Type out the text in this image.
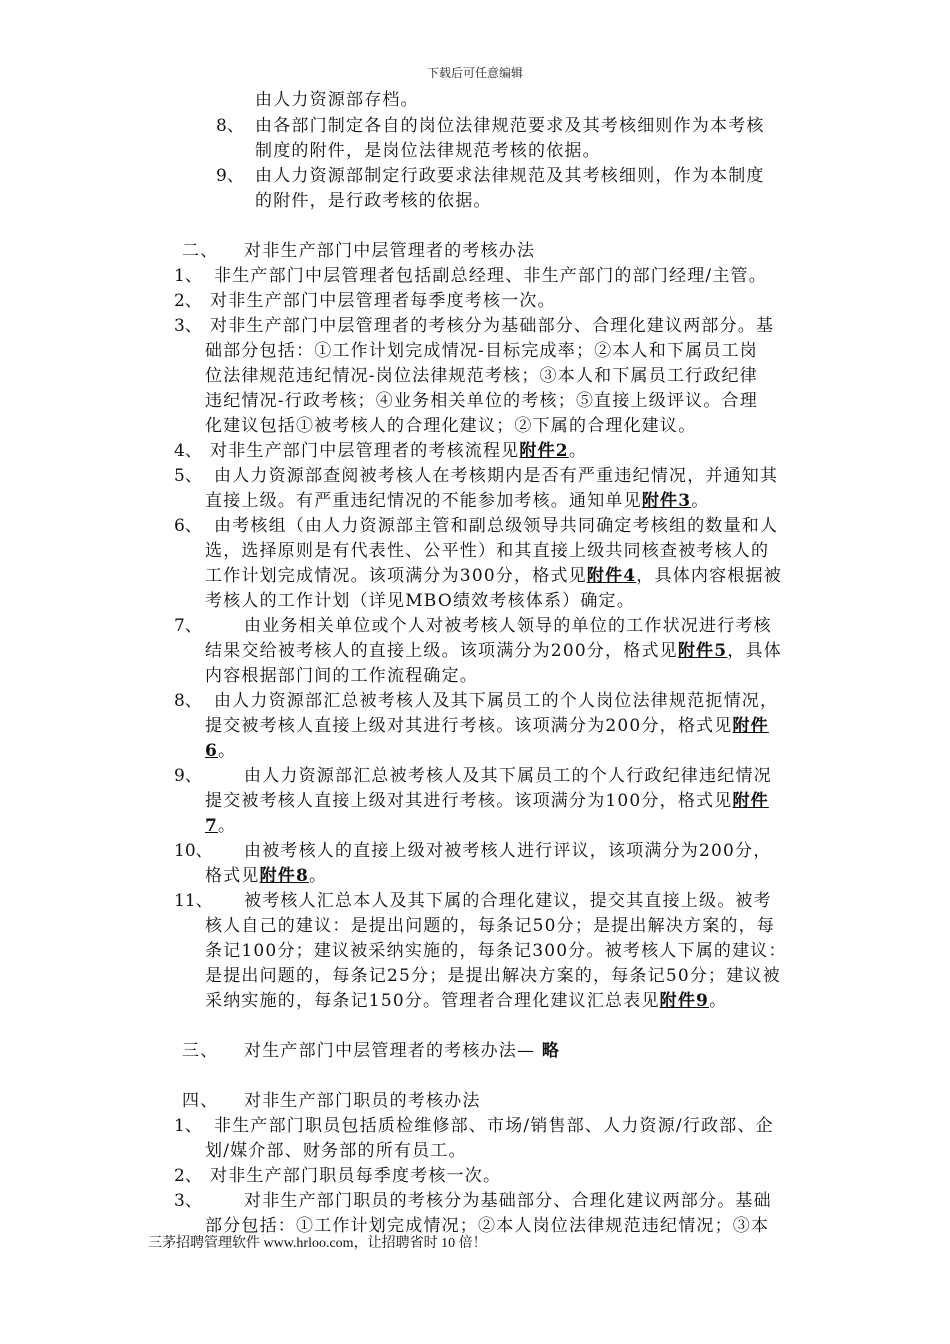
下载后可任意编辑
由人力资源部存档。
8、 由各部门制定各自的岗位法律规范要求及其考核细则作为本考核
制度的附件，是岗位法律规范考核的依据。
9、 由人力资源部制定行政要求法律规范及其考核细则，作为本制度
的附件，是行政考核的依据。
二、 对非生产部门中层管理者的考核办法
1、 非生产部门中层管理者包括副总经理、非生产部门的部门经理/主管。
2、 对非生产部门中层管理者每季度考核一次。
3、 对非生产部门中层管理者的考核分为基础部分、合理化建议两部分。基
础部分包括：①工作计划完成情况-目标完成率；②本人和下属员工岗
位法律规范违纪情况-岗位法律规范考核；③本人和下属员工行政纪律
违纪情况-行政考核；④业务相关单位的考核；⑤直接上级评议。合理
化建议包括①被考核人的合理化建议；②下属的合理化建议。
4、 对非生产部门中层管理者的考核流程见附件2。
5、 由人力资源部查阅被考核人在考核期内是否有严重违纪情况，并通知其
直接上级。有严重违纪情况的不能参加考核。通知单见附件3。
6、 由考核组（由人力资源部主管和副总级领导共同确定考核组的数量和人
选，选择原则是有代表性、公平性）和其直接上级共同核查被考核人的
工作计划完成情况。该项满分为300分，格式见附件4，具体内容根据被
考核人的工作计划（详见MBO绩效考核体系）确定。
7、 由业务相关单位或个人对被考核人领导的单位的工作状况进行考核
结果交给被考核人的直接上级。该项满分为200分，格式见附件5，具体
内容根据部门间的工作流程确定。
8、 由人力资源部汇总被考核人及其下属员工的个人岗位法律规范扼情况，
提交被考核人直接上级对其进行考核。该项满分为200分，格式见附件
6。
9、 由人力资源部汇总被考核人及其下属员工的个人行政纪律违纪情况
提交被考核人直接上级对其进行考核。该项满分为100分，格式见附件
7。
10、 由被考核人的直接上级对被考核人进行评议，该项满分为200分，
格式见附件8。
11、 被考核人汇总本人及其下属的合理化建议，提交其直接上级。被考
核人自己的建议：是提出问题的，每条记50分；是提出解决方案的，每
条记100分；建议被采纳实施的，每条记300分。被考核人下属的建议：
是提出问题的，每条记25分；是提出解决方案的，每条记50分；建议被
采纳实施的，每条记150分。管理者合理化建议汇总表见附件9。
三、 对生产部门中层管理者的考核办法— 略
四、 对非生产部门职员的考核办法
1、 非生产部门职员包括质检维修部、市场/销售部、人力资源/行政部、企
划/媒介部、财务部的所有员工。
2、 对非生产部门职员每季度考核一次。
3、 对非生产部门职员的考核分为基础部分、合理化建议两部分。基础
部分包括：①工作计划完成情况；②本人岗位法律规范违纪情况；③本
三茅招聘管理软件 www.hrloo.com，让招聘省时 10 倍！
